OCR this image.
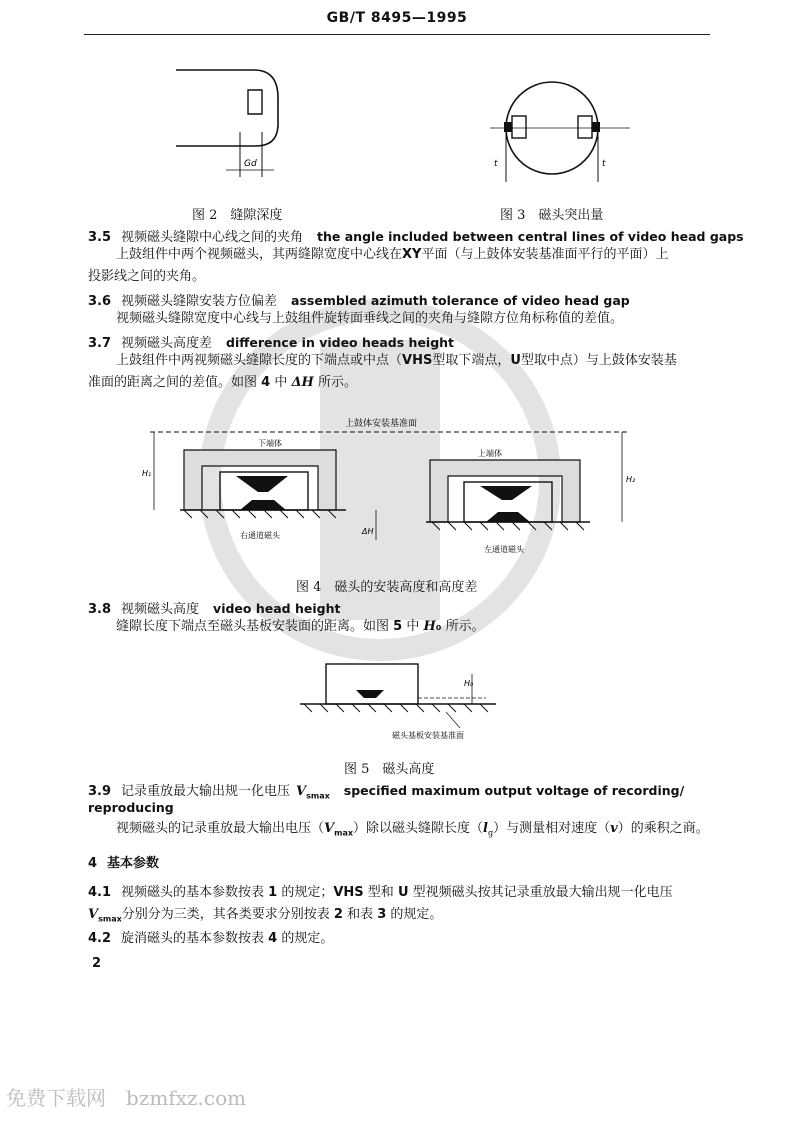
GB/T 8495—1995
Gd
图 2　缝隙深度
t	t
图 3　磁头突出量
3.5 视频磁头缝隙中心线之间的夹角 the angle included between central lines of video head gaps
上鼓组件中两个视频磁头，其两缝隙宽度中心线在XY平面（与上鼓体安装基准面平行的平面）上
投影线之间的夹角。
3.6 视频磁头缝隙安装方位偏差 assembled azimuth tolerance of video head gap
视频磁头缝隙宽度中心线与上鼓组件旋转面垂线之间的夹角与缝隙方位角标称值的差值。
3.7 视频磁头高度差 difference in video heads height
上鼓组件中两视频磁头缝隙长度的下端点或中点（VHS型取下端点，U型取中点）与上鼓体安装基
准面的距离之间的差值。如图 4 中 ΔH 所示。
上鼓体安装基准面
H₁
下端体
右通道磁头	ΔH
上端体
左通道磁头
H₂
图 4　磁头的安装高度和高度差
3.8 视频磁头高度 video head height
缝隙长度下端点至磁头基板安装面的距离。如图 5 中 H₀ 所示。
H₀
磁头基板安装基准面
图 5　磁头高度
3.9 记录重放最大输出规一化电压 $V_{smax}$ specified maximum output voltage of recording/
reproducing
视频磁头的记录重放最大输出电压$(V_{max})$除以磁头缝隙长度$(l_g)$与测量相对速度（v）的乘积之商。
4 基本参数
4.1 视频磁头的基本参数按表 1 的规定；VHS 型和 U 型视频磁头按其记录重放最大输出规一化电压
$V_{smax}$分别分为三类，其各类要求分别按表 2 和表 3 的规定。
4.2 旋消磁头的基本参数按表 4 的规定。
2
免费下载网　bzmfxz.com
